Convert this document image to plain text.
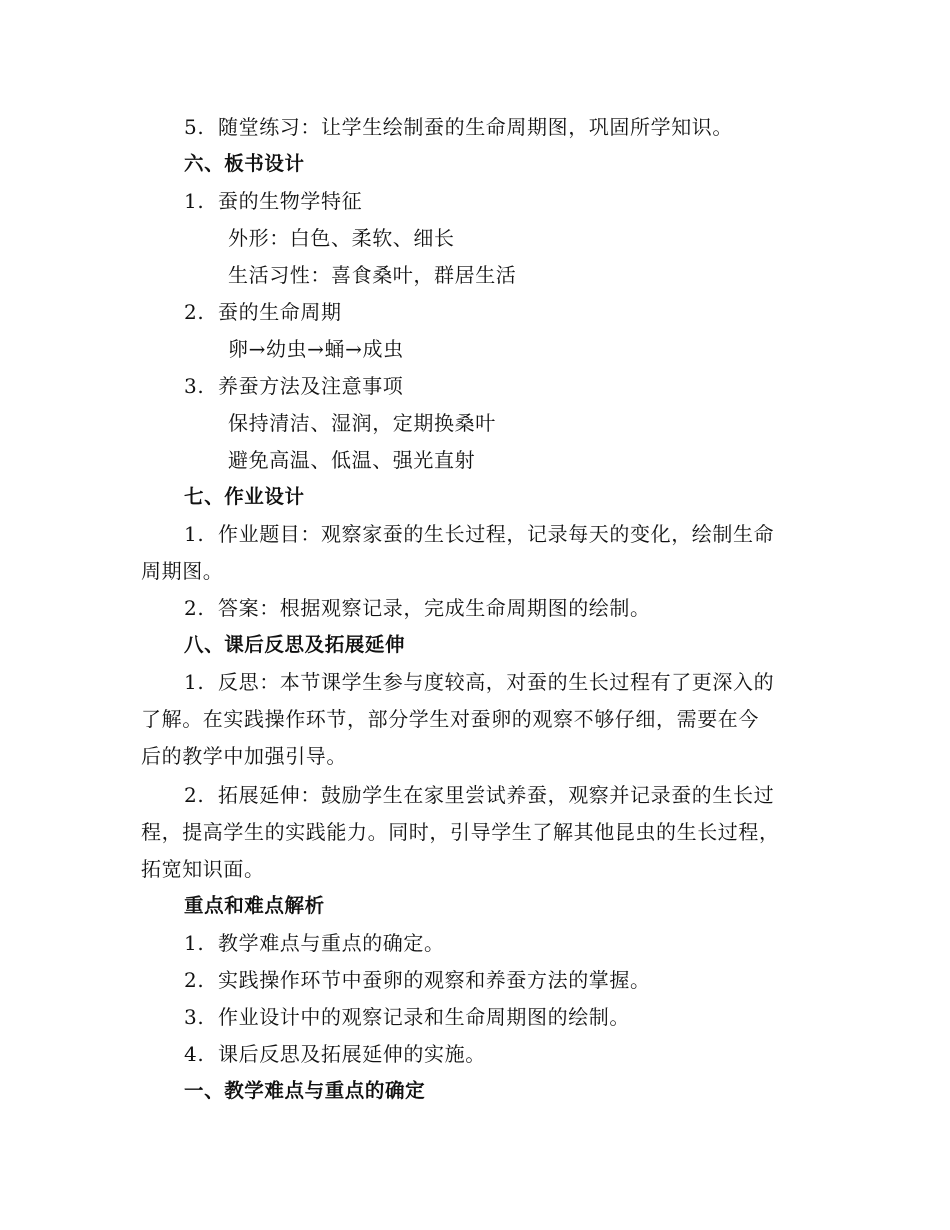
5. 随堂练习：让学生绘制蚕的生命周期图，巩固所学知识。
六、板书设计
1. 蚕的生物学特征
外形：白色、柔软、细长
生活习性：喜食桑叶，群居生活
2. 蚕的生命周期
卵→幼虫→蛹→成虫
3. 养蚕方法及注意事项
保持清洁、湿润，定期换桑叶
避免高温、低温、强光直射
七、作业设计
1. 作业题目：观察家蚕的生长过程，记录每天的变化，绘制生命
周期图。
2. 答案：根据观察记录，完成生命周期图的绘制。
八、课后反思及拓展延伸
1. 反思：本节课学生参与度较高，对蚕的生长过程有了更深入的
了解。在实践操作环节，部分学生对蚕卵的观察不够仔细，需要在今
后的教学中加强引导。
2. 拓展延伸：鼓励学生在家里尝试养蚕，观察并记录蚕的生长过
程，提高学生的实践能力。同时，引导学生了解其他昆虫的生长过程，
拓宽知识面。
重点和难点解析
1. 教学难点与重点的确定。
2. 实践操作环节中蚕卵的观察和养蚕方法的掌握。
3. 作业设计中的观察记录和生命周期图的绘制。
4. 课后反思及拓展延伸的实施。
一、教学难点与重点的确定
